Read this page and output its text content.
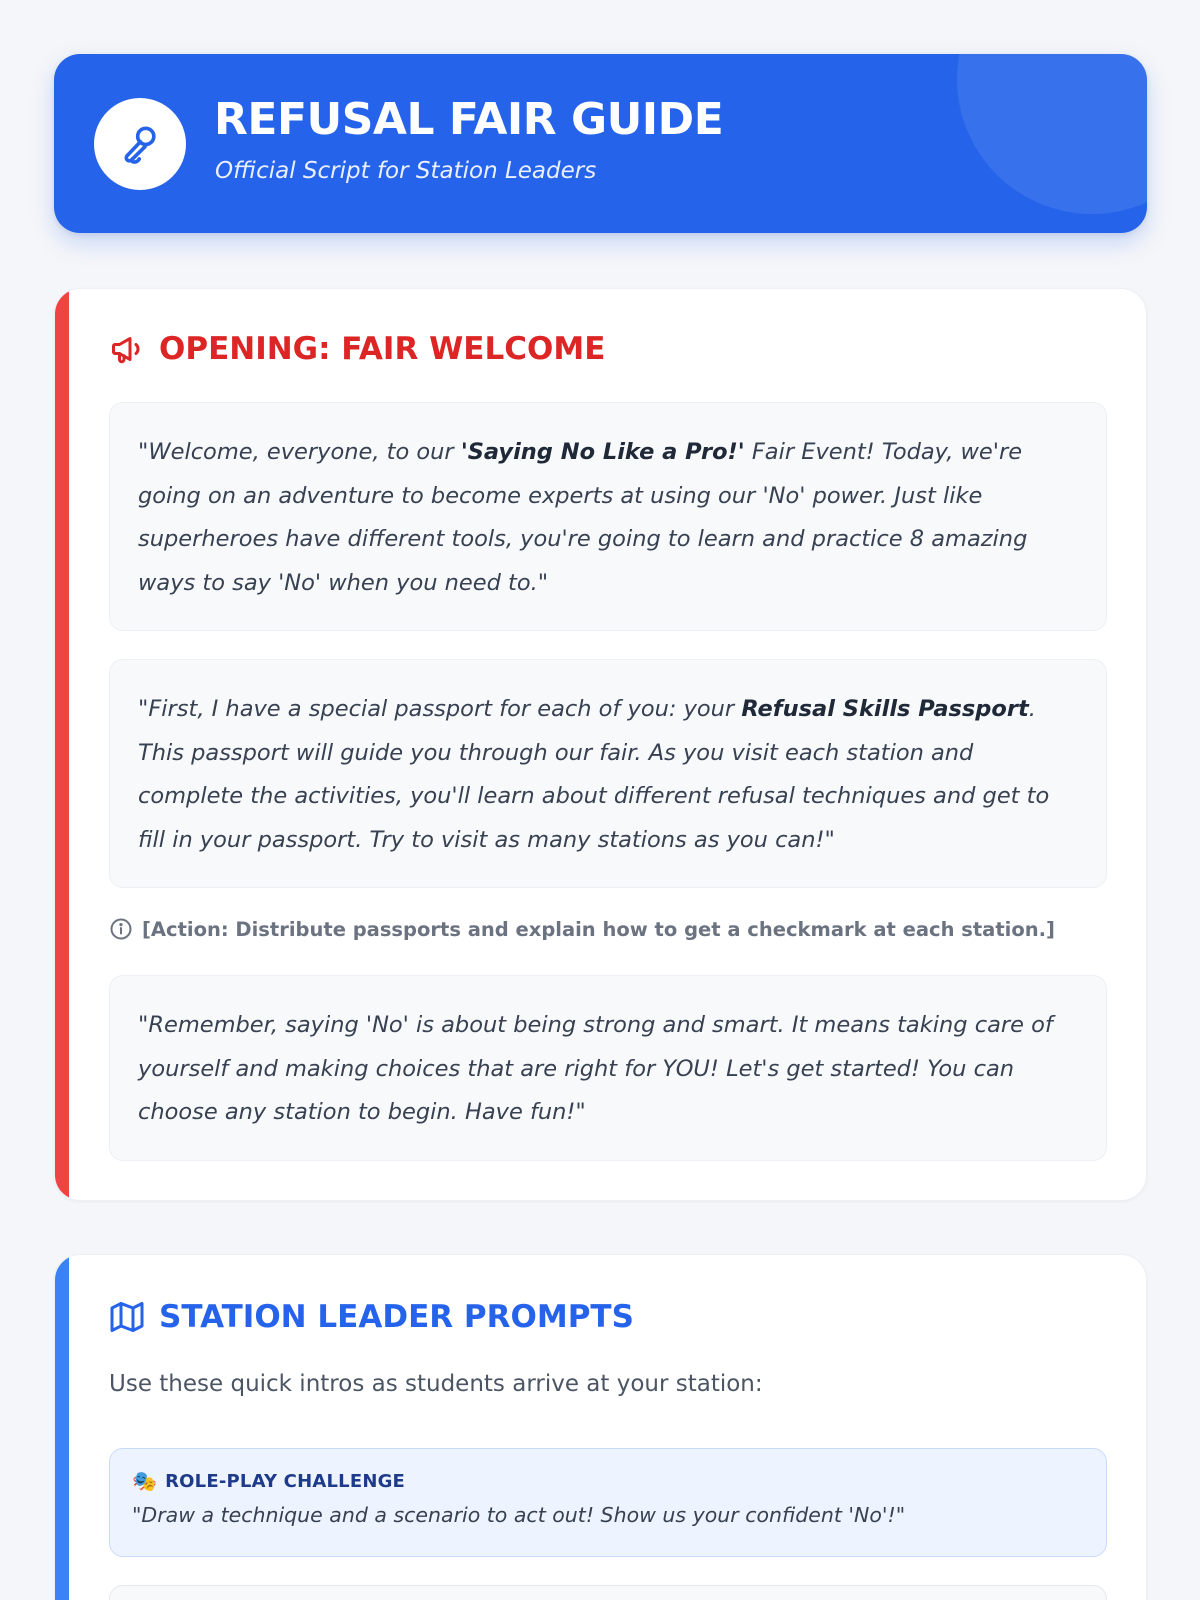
REFUSAL FAIR GUIDE
Official Script for Station Leaders
OPENING: FAIR WELCOME
"Welcome, everyone, to our 'Saying No Like a Pro!' Fair Event! Today, we're going on an adventure to become experts at using our 'No' power. Just like superheroes have different tools, you're going to learn and practice 8 amazing ways to say 'No' when you need to."
"First, I have a special passport for each of you: your Refusal Skills Passport. This passport will guide you through our fair. As you visit each station and complete the activities, you'll learn about different refusal techniques and get to fill in your passport. Try to visit as many stations as you can!"
[Action: Distribute passports and explain how to get a checkmark at each station.]
"Remember, saying 'No' is about being strong and smart. It means taking care of yourself and making choices that are right for YOU! Let's get started! You can choose any station to begin. Have fun!"
STATION LEADER PROMPTS
Use these quick intros as students arrive at your station:
🎭 ROLE-PLAY CHALLENGE
"Draw a technique and a scenario to act out! Show us your confident 'No'!"
